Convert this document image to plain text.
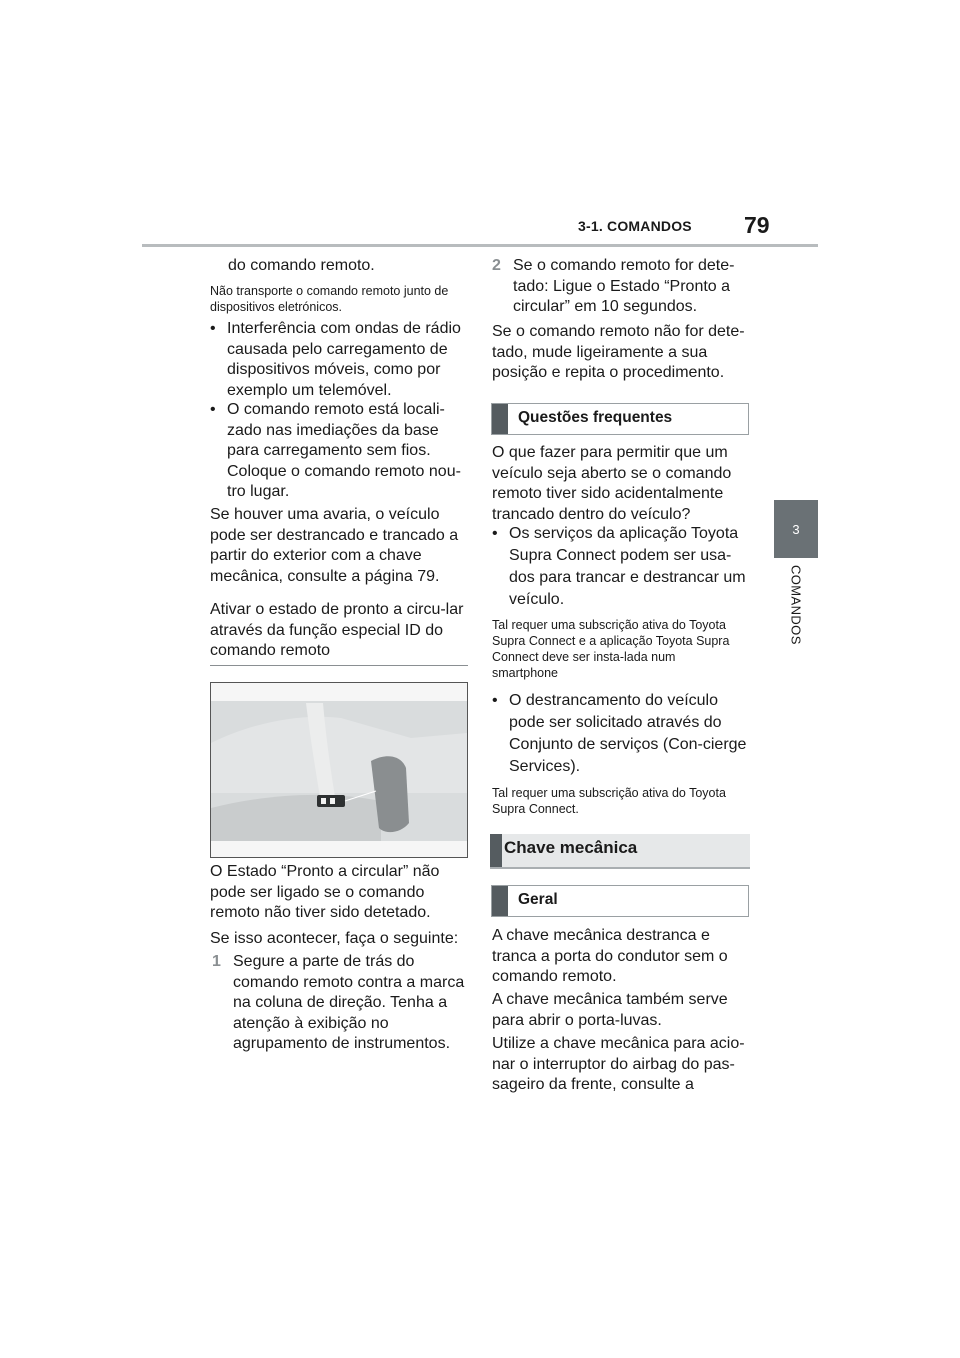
3-1. COMANDOS 79
3
COMANDOS
do comando remoto.
Não transporte o comando remoto junto de dispositivos eletrónicos.
• Interferência com ondas de rádio causada pelo carregamento de dispositivos móveis, como por exemplo um telemóvel.
• O comando remoto está locali-zado nas imediações da base para carregamento sem fios. Coloque o comando remoto nou-tro lugar.
Se houver uma avaria, o veículo pode ser destrancado e trancado a partir do exterior com a chave mecânica, consulte a página 79.
Ativar o estado de pronto a circu-lar através da função especial ID do comando remoto
O Estado “Pronto a circular” não pode ser ligado se o comando remoto não tiver sido detetado.
Se isso acontecer, faça o seguinte:
1 Segure a parte de trás do comando remoto contra a marca na coluna de direção. Tenha a atenção à exibição no agrupamento de instrumentos.
2 Se o comando remoto for dete-tado: Ligue o Estado “Pronto a circular” em 10 segundos.
Se o comando remoto não for dete-tado, mude ligeiramente a sua posição e repita o procedimento.
Questões frequentes
O que fazer para permitir que um veículo seja aberto se o comando remoto tiver sido acidentalmente trancado dentro do veículo?
• Os serviços da aplicação Toyota Supra Connect podem ser usa-dos para trancar e destrancar um veículo.
Tal requer uma subscrição ativa do Toyota Supra Connect e a aplicação Toyota Supra Connect deve ser insta-lada num smartphone
• O destrancamento do veículo pode ser solicitado através do Conjunto de serviços (Con-cierge Services).
Tal requer uma subscrição ativa do Toyota Supra Connect.
Chave mecânica
Geral
A chave mecânica destranca e tranca a porta do condutor sem o comando remoto.
A chave mecânica também serve para abrir o porta-luvas.
Utilize a chave mecânica para acio-nar o interruptor do airbag do pas-sageiro da frente, consulte a
